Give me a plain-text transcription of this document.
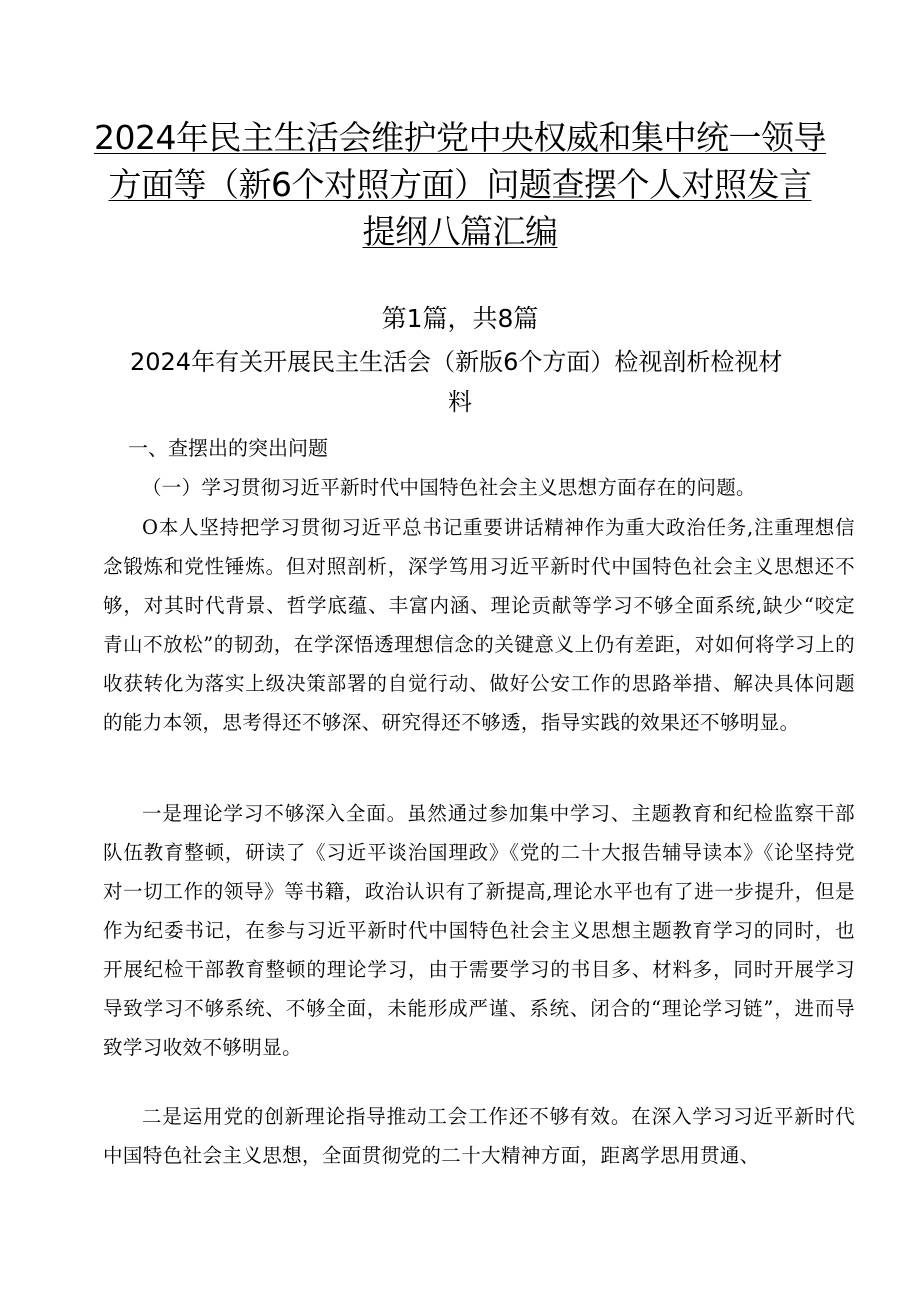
2024年民主生活会维护党中央权威和集中统一领导
方面等（新6个对照方面）问题查摆个人对照发言
提纲八篇汇编
第1篇，共8篇
2024年有关开展民主生活会（新版6个方面）检视剖析检视材
料
一、查摆出的突出问题

（一）学习贯彻习近平新时代中国特色社会主义思想方面存在的问题。

O本人坚持把学习贯彻习近平总书记重要讲话精神作为重大政治任务,注重理想信念锻炼和党性锤炼。但对照剖析，深学笃用习近平新时代中国特色社会主义思想还不够，对其时代背景、哲学底蕴、丰富内涵、理论贡献等学习不够全面系统,缺少“咬定青山不放松”的韧劲，在学深悟透理想信念的关键意义上仍有差距，对如何将学习上的收获转化为落实上级决策部署的自觉行动、做好公安工作的思路举措、解决具体问题的能力本领，思考得还不够深、研究得还不够透，指导实践的效果还不够明显。

一是理论学习不够深入全面。虽然通过参加集中学习、主题教育和纪检监察干部队伍教育整顿，研读了《习近平谈治国理政》《党的二十大报告辅导读本》《论坚持党对一切工作的领导》等书籍，政治认识有了新提高,理论水平也有了进一步提升，但是作为纪委书记，在参与习近平新时代中国特色社会主义思想主题教育学习的同时，也开展纪检干部教育整顿的理论学习，由于需要学习的书目多、材料多，同时开展学习导致学习不够系统、不够全面，未能形成严谨、系统、闭合的“理论学习链”，进而导致学习收效不够明显。

二是运用党的创新理论指导推动工会工作还不够有效。在深入学习习近平新时代中国特色社会主义思想，全面贯彻党的二十大精神方面，距离学思用贯通、
